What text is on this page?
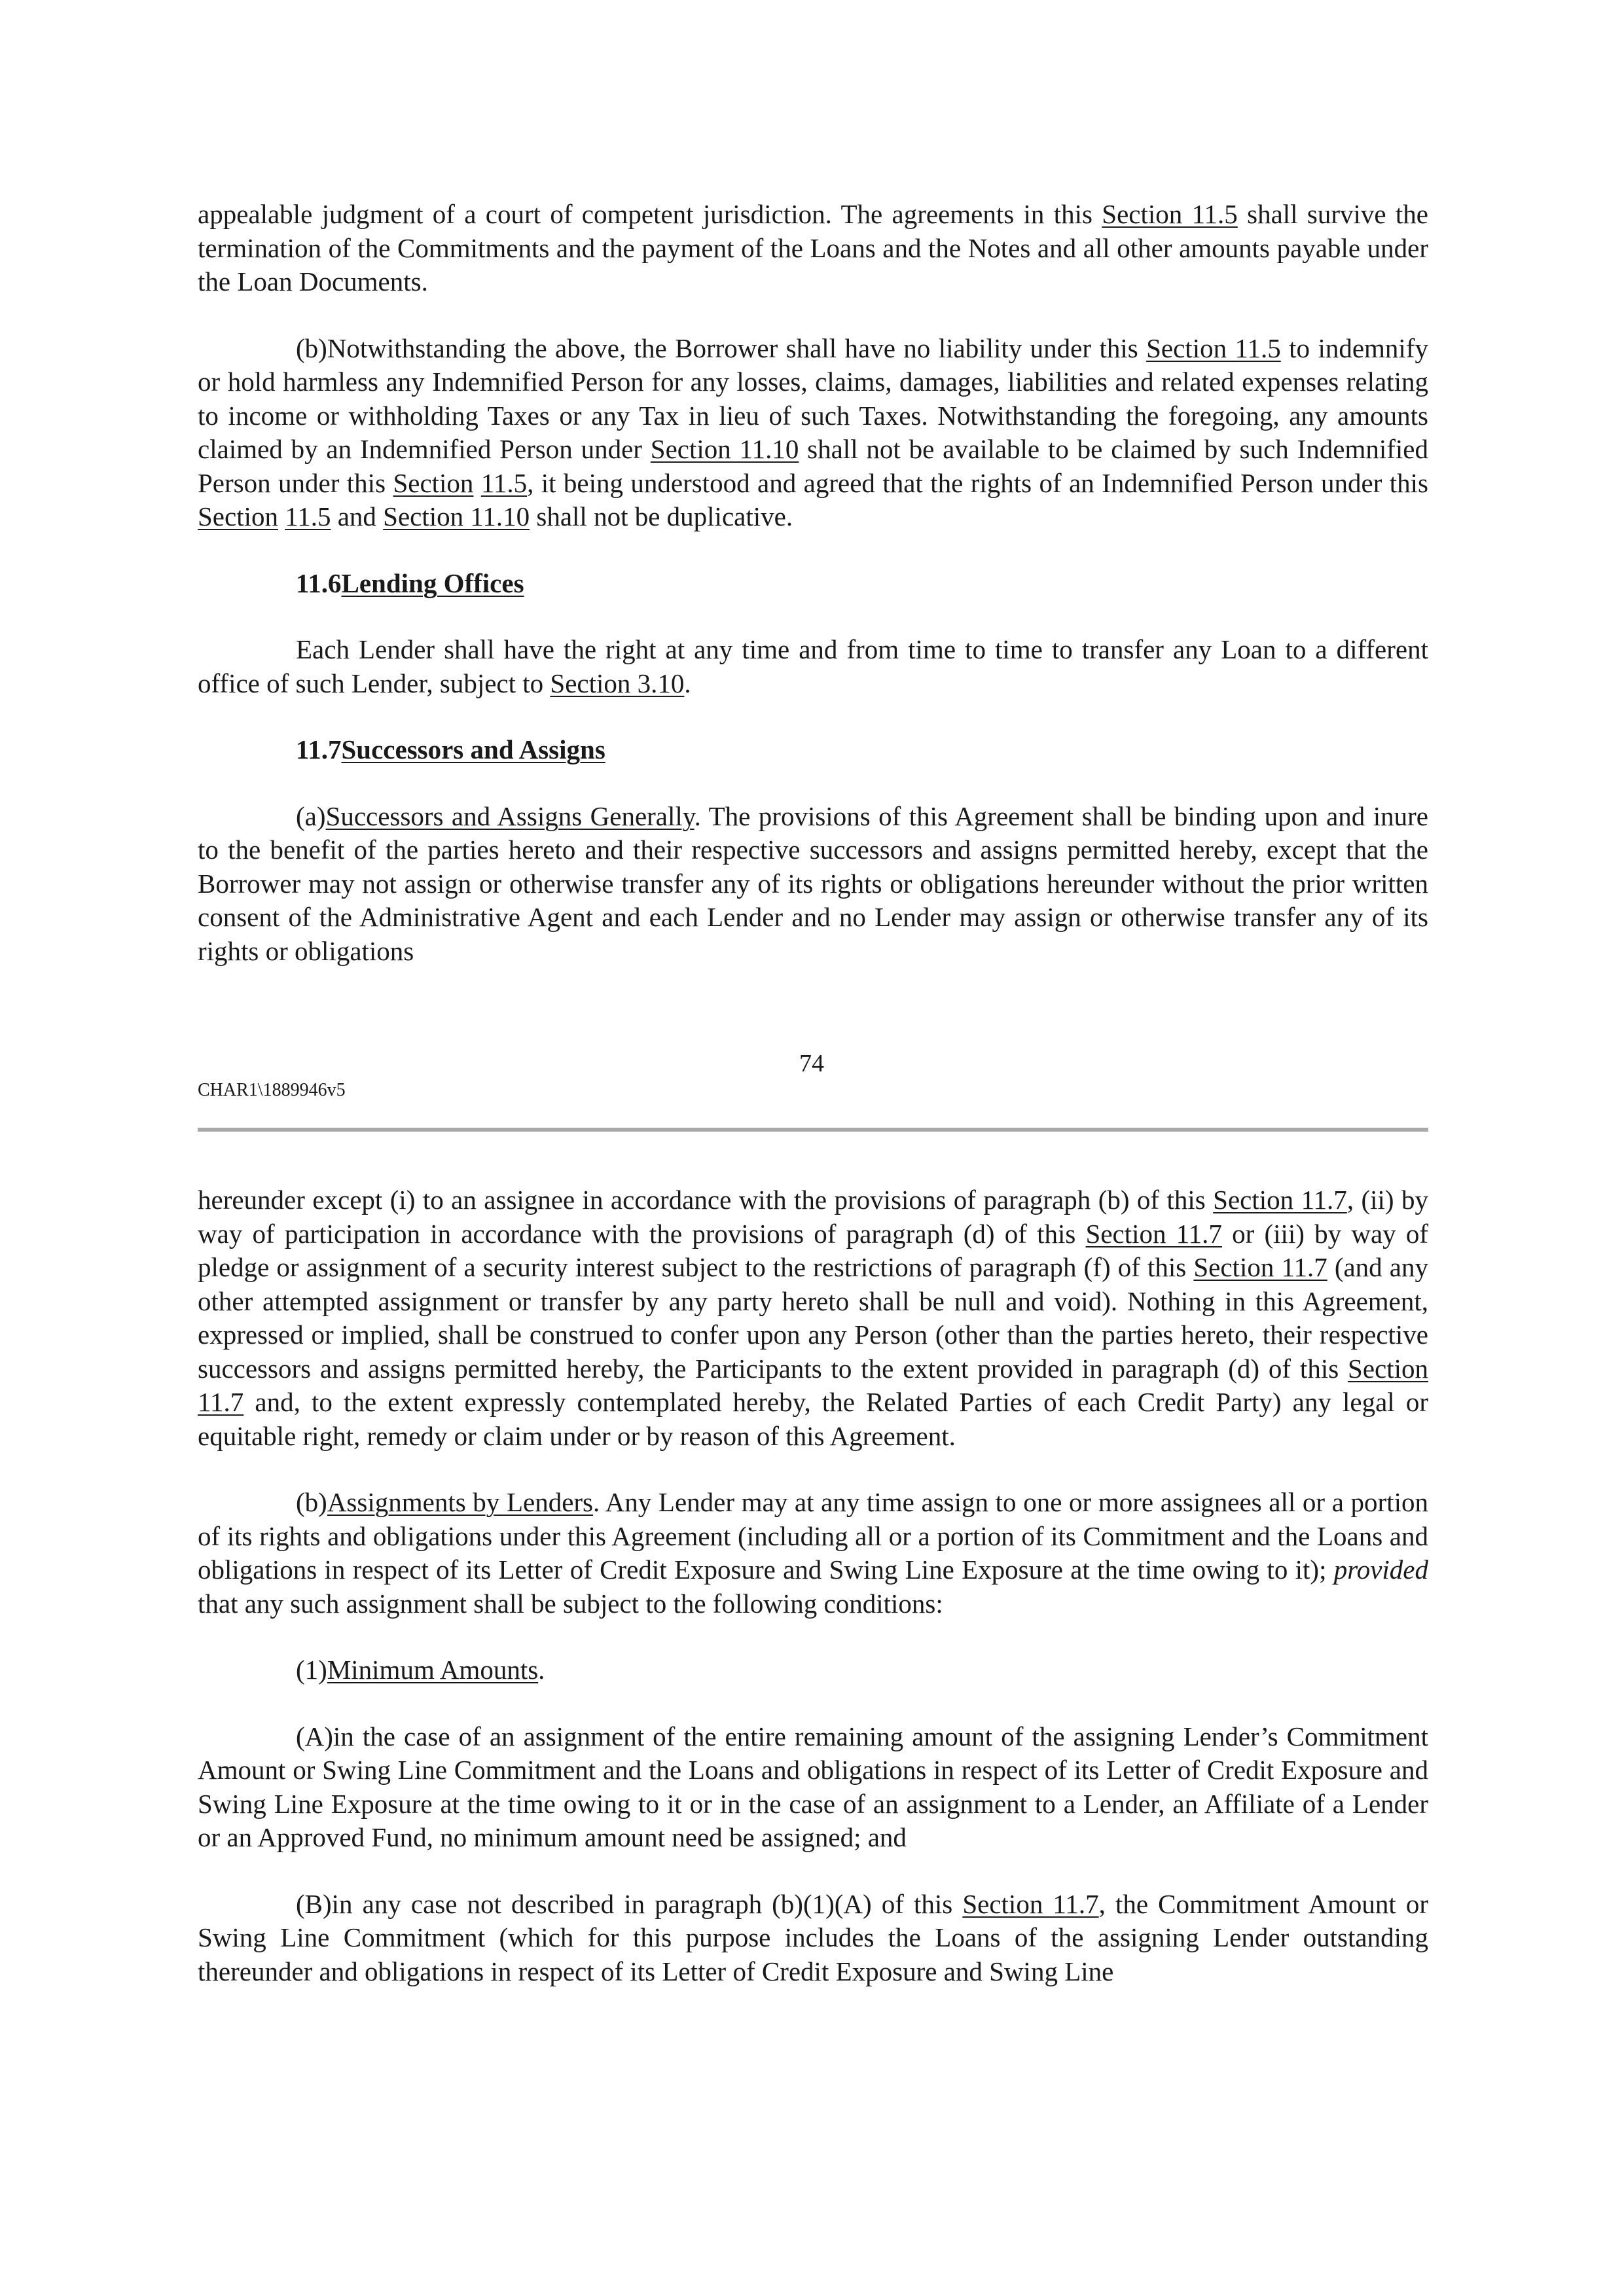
appealable judgment of a court of competent jurisdiction. The agreements in this Section 11.5 shall survive the termination of the Commitments and the payment of the Loans and the Notes and all other amounts payable under the Loan Documents.

(b)Notwithstanding the above, the Borrower shall have no liability under this Section 11.5 to indemnify or hold harmless any Indemnified Person for any losses, claims, damages, liabilities and related expenses relating to income or withholding Taxes or any Tax in lieu of such Taxes. Notwithstanding the foregoing, any amounts claimed by an Indemnified Person under Section 11.10 shall not be available to be claimed by such Indemnified Person under this Section 11.5, it being understood and agreed that the rights of an Indemnified Person under this Section 11.5 and Section 11.10 shall not be duplicative.

11.6Lending Offices

Each Lender shall have the right at any time and from time to time to transfer any Loan to a different office of such Lender, subject to Section 3.10.

11.7Successors and Assigns

(a)Successors and Assigns Generally. The provisions of this Agreement shall be binding upon and inure to the benefit of the parties hereto and their respective successors and assigns permitted hereby, except that the Borrower may not assign or otherwise transfer any of its rights or obligations hereunder without the prior written consent of the Administrative Agent and each Lender and no Lender may assign or otherwise transfer any of its rights or obligations

74
CHAR1\1889946v5

hereunder except (i) to an assignee in accordance with the provisions of paragraph (b) of this Section 11.7, (ii) by way of participation in accordance with the provisions of paragraph (d) of this Section 11.7 or (iii) by way of pledge or assignment of a security interest subject to the restrictions of paragraph (f) of this Section 11.7 (and any other attempted assignment or transfer by any party hereto shall be null and void). Nothing in this Agreement, expressed or implied, shall be construed to confer upon any Person (other than the parties hereto, their respective successors and assigns permitted hereby, the Participants to the extent provided in paragraph (d) of this Section 11.7 and, to the extent expressly contemplated hereby, the Related Parties of each Credit Party) any legal or equitable right, remedy or claim under or by reason of this Agreement.

(b)Assignments by Lenders. Any Lender may at any time assign to one or more assignees all or a portion of its rights and obligations under this Agreement (including all or a portion of its Commitment and the Loans and obligations in respect of its Letter of Credit Exposure and Swing Line Exposure at the time owing to it); provided that any such assignment shall be subject to the following conditions:

(1)Minimum Amounts.

(A)in the case of an assignment of the entire remaining amount of the assigning Lender’s Commitment Amount or Swing Line Commitment and the Loans and obligations in respect of its Letter of Credit Exposure and Swing Line Exposure at the time owing to it or in the case of an assignment to a Lender, an Affiliate of a Lender or an Approved Fund, no minimum amount need be assigned; and

(B)in any case not described in paragraph (b)(1)(A) of this Section 11.7, the Commitment Amount or Swing Line Commitment (which for this purpose includes the Loans of the assigning Lender outstanding thereunder and obligations in respect of its Letter of Credit Exposure and Swing Line
